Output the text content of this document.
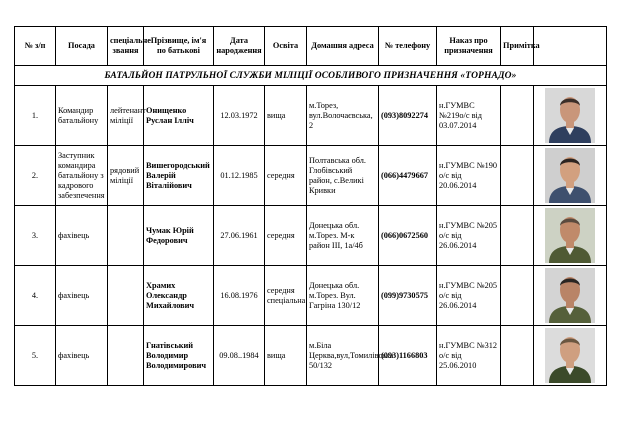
№ з/п	Посада	спеціальне звання	Прізвище, ім'я по батькові	Дата народження	Освіта	Домашня адреса	№ телефону	Наказ про призначення	Примітка	
БАТАЛЬЙОН ПАТРУЛЬНОЇ СЛУЖБИ МІЛІЦІЇ ОСОБЛИВОГО ПРИЗНАЧЕННЯ «ТОРНАДО»										
1.	Командир батальйону	лейтенант міліції	Онищенко Руслан Ілліч	12.03.1972	вища	м.Торез, вул.Волочаєвська, 2	(093)8092274	н.ГУМВС №219о/с від 03.07.2014		

2.	Заступник командира батальйону з кадрового забезпечення	рядовий міліції	Вишегородський Валерій Віталійович	01.12.1985	середня	Полтавська обл. Глобівський район, с.Великі Кривки	(066)4479667	н.ГУМВС №190 о/с від 20.06.2014		

3.	фахівець		Чумак Юрій Федорович	27.06.1961	середня	Донецька обл. м.Торез. М-к район ІІІ, 1а/4б	(066)0672560	н.ГУМВС №205 о/с від 26.06.2014		

4.	фахівець		Храмих Олександр Михайлович	16.08.1976	середня спеціальна	Донецька обл. м.Торез. Вул. Гагріна 130/12	(099)9730575	н.ГУМВС №205 о/с від 26.06.2014		

5.	фахівець		Гнатівський Володимир Володимирович	09.08..1984	вища	м.Біла Церква,вул,Томилівська 50/132	(093)1166803	н.ГУМВС №312 о/с від 25.06.2010		
